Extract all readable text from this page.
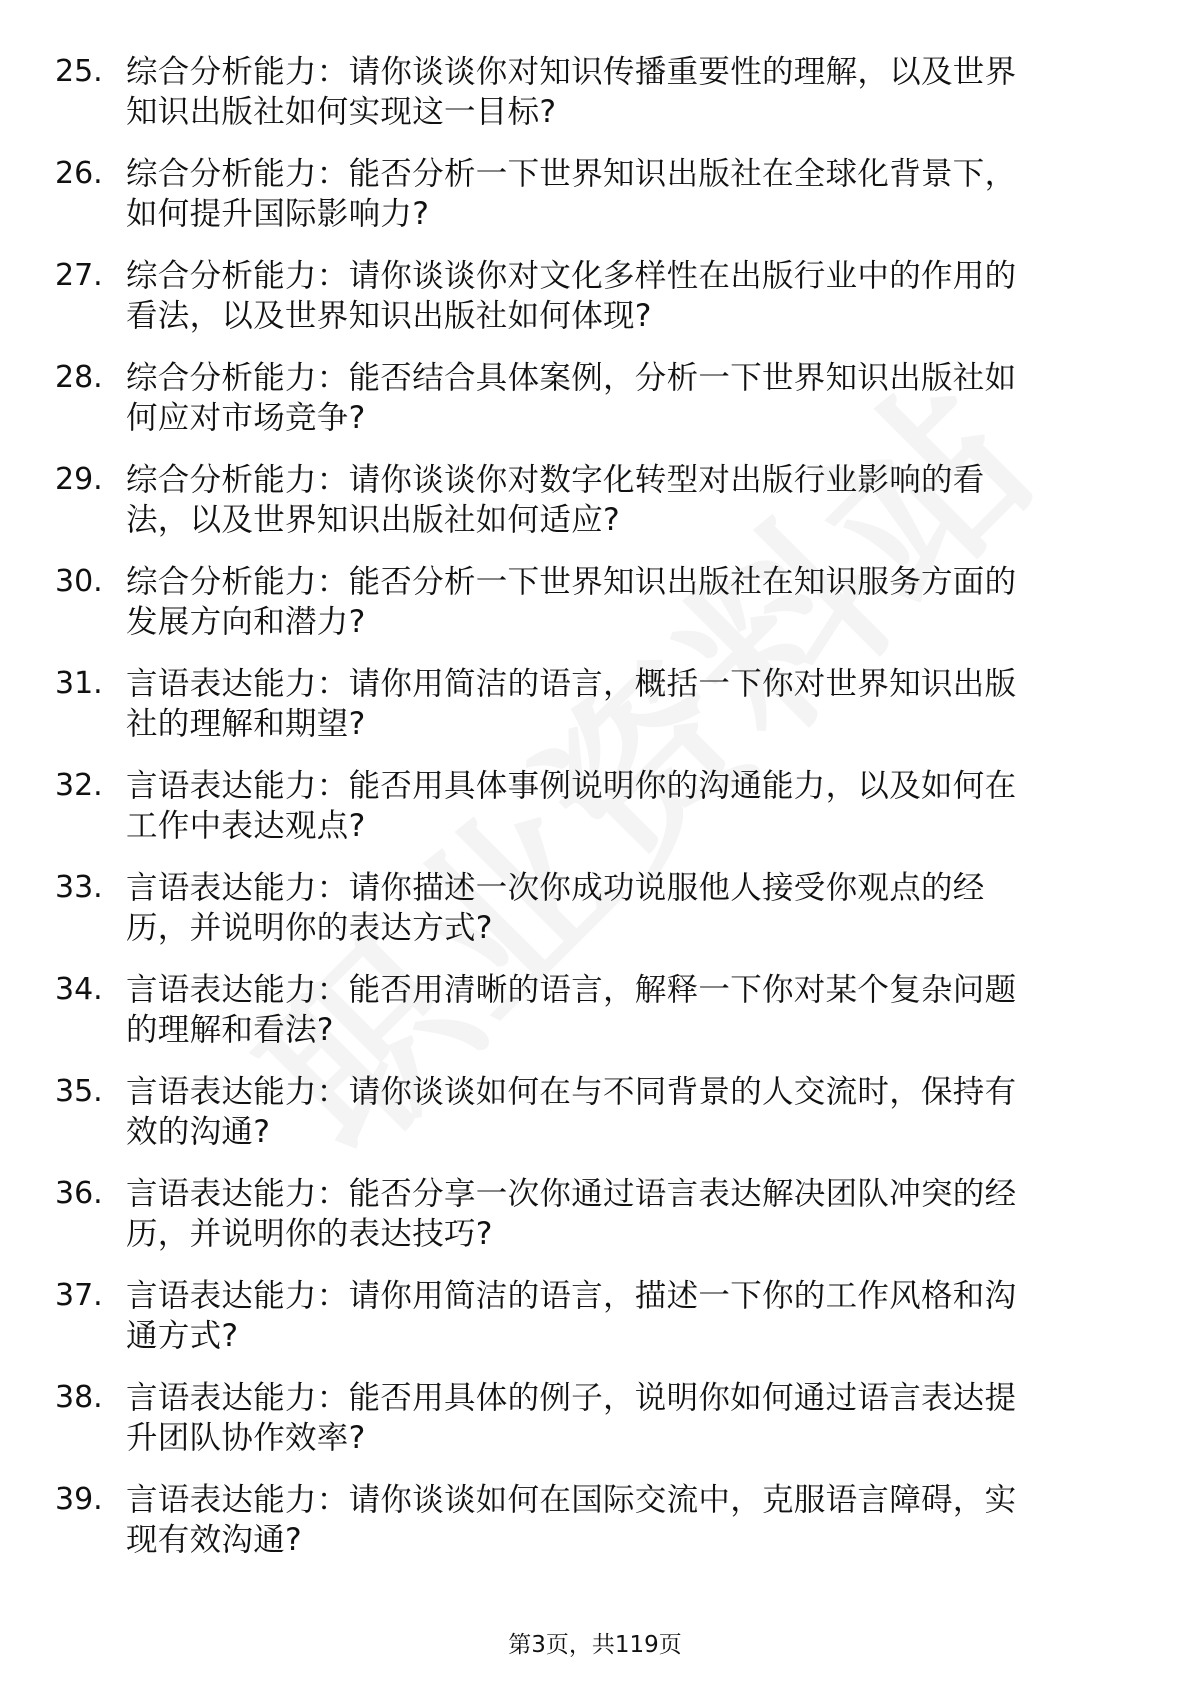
25. 综合分析能力：请你谈谈你对知识传播重要性的理解，以及世界
知识出版社如何实现这一目标?
26. 综合分析能力：能否分析一下世界知识出版社在全球化背景下，
如何提升国际影响力?
27. 综合分析能力：请你谈谈你对文化多样性在出版行业中的作用的
看法，以及世界知识出版社如何体现?
28. 综合分析能力：能否结合具体案例，分析一下世界知识出版社如
何应对市场竞争?
29. 综合分析能力：请你谈谈你对数字化转型对出版行业影响的看
法，以及世界知识出版社如何适应?
30. 综合分析能力：能否分析一下世界知识出版社在知识服务方面的
发展方向和潜力?
31. 言语表达能力：请你用简洁的语言，概括一下你对世界知识出版
社的理解和期望?
32. 言语表达能力：能否用具体事例说明你的沟通能力，以及如何在
工作中表达观点?
33. 言语表达能力：请你描述一次你成功说服他人接受你观点的经
历，并说明你的表达方式?
34. 言语表达能力：能否用清晰的语言，解释一下你对某个复杂问题
的理解和看法?
35. 言语表达能力：请你谈谈如何在与不同背景的人交流时，保持有
效的沟通?
36. 言语表达能力：能否分享一次你通过语言表达解决团队冲突的经
历，并说明你的表达技巧?
37. 言语表达能力：请你用简洁的语言，描述一下你的工作风格和沟
通方式?
38. 言语表达能力：能否用具体的例子，说明你如何通过语言表达提
升团队协作效率?
39. 言语表达能力：请你谈谈如何在国际交流中，克服语言障碍，实
现有效沟通?
第3页，共119页
